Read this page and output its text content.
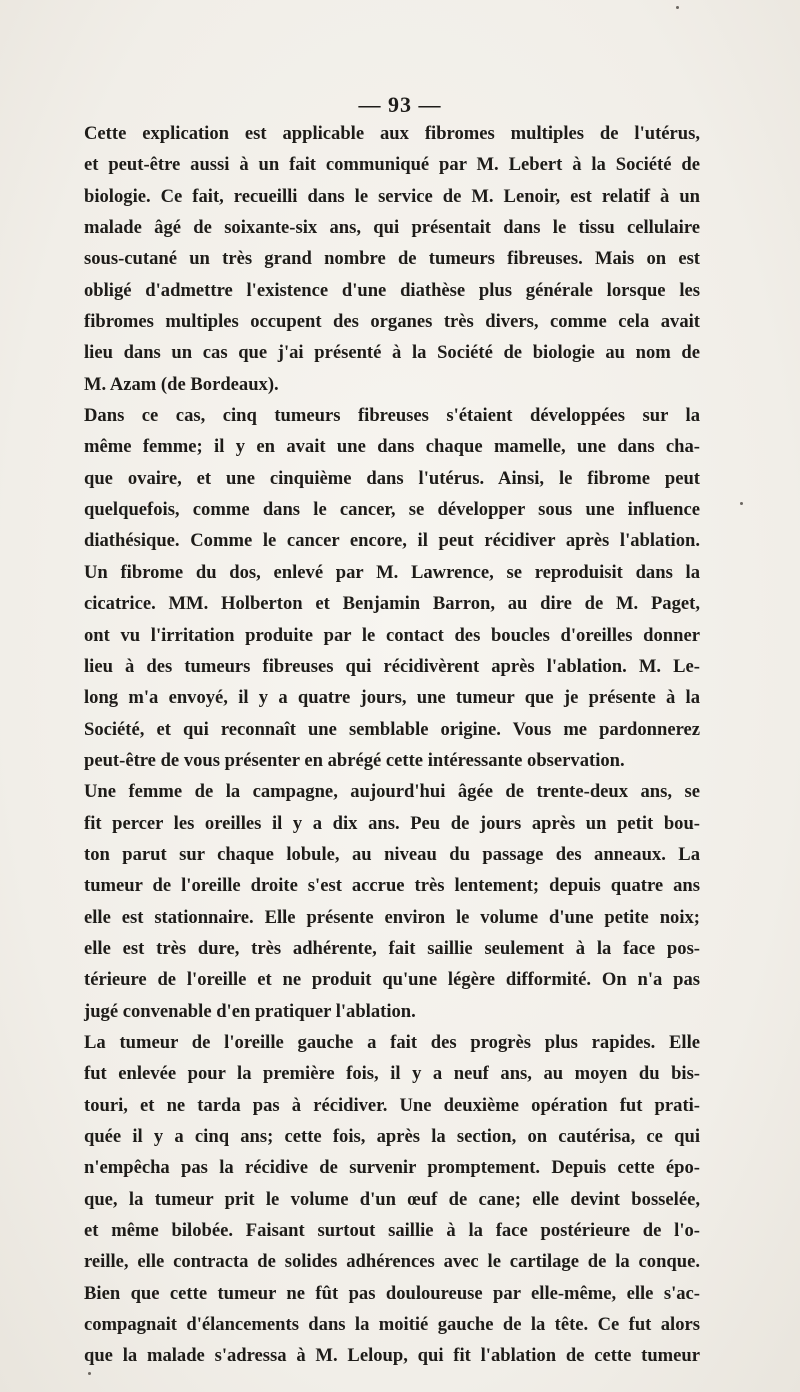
— 93 —
Cette explication est applicable aux fibromes multiples de l'utérus,
et peut-être aussi à un fait communiqué par M. Lebert à la Société de
biologie. Ce fait, recueilli dans le service de M. Lenoir, est relatif à un
malade âgé de soixante-six ans, qui présentait dans le tissu cellulaire
sous-cutané un très grand nombre de tumeurs fibreuses. Mais on est
obligé d'admettre l'existence d'une diathèse plus générale lorsque les
fibromes multiples occupent des organes très divers, comme cela avait
lieu dans un cas que j'ai présenté à la Société de biologie au nom de
M. Azam (de Bordeaux).
Dans ce cas, cinq tumeurs fibreuses s'étaient développées sur la
même femme; il y en avait une dans chaque mamelle, une dans cha-
que ovaire, et une cinquième dans l'utérus. Ainsi, le fibrome peut
quelquefois, comme dans le cancer, se développer sous une influence
diathésique. Comme le cancer encore, il peut récidiver après l'ablation.
Un fibrome du dos, enlevé par M. Lawrence, se reproduisit dans la
cicatrice. MM. Holberton et Benjamin Barron, au dire de M. Paget,
ont vu l'irritation produite par le contact des boucles d'oreilles donner
lieu à des tumeurs fibreuses qui récidivèrent après l'ablation. M. Le-
long m'a envoyé, il y a quatre jours, une tumeur que je présente à la
Société, et qui reconnaît une semblable origine. Vous me pardonnerez
peut-être de vous présenter en abrégé cette intéressante observation.
Une femme de la campagne, aujourd'hui âgée de trente-deux ans, se
fit percer les oreilles il y a dix ans. Peu de jours après un petit bou-
ton parut sur chaque lobule, au niveau du passage des anneaux. La
tumeur de l'oreille droite s'est accrue très lentement; depuis quatre ans
elle est stationnaire. Elle présente environ le volume d'une petite noix;
elle est très dure, très adhérente, fait saillie seulement à la face pos-
térieure de l'oreille et ne produit qu'une légère difformité. On n'a pas
jugé convenable d'en pratiquer l'ablation.
La tumeur de l'oreille gauche a fait des progrès plus rapides. Elle
fut enlevée pour la première fois, il y a neuf ans, au moyen du bis-
touri, et ne tarda pas à récidiver. Une deuxième opération fut prati-
quée il y a cinq ans; cette fois, après la section, on cautérisa, ce qui
n'empêcha pas la récidive de survenir promptement. Depuis cette épo-
que, la tumeur prit le volume d'un œuf de cane; elle devint bosselée,
et même bilobée. Faisant surtout saillie à la face postérieure de l'o-
reille, elle contracta de solides adhérences avec le cartilage de la conque.
Bien que cette tumeur ne fût pas douloureuse par elle-même, elle s'ac-
compagnait d'élancements dans la moitié gauche de la tête. Ce fut alors
que la malade s'adressa à M. Leloup, qui fit l'ablation de cette tumeur
